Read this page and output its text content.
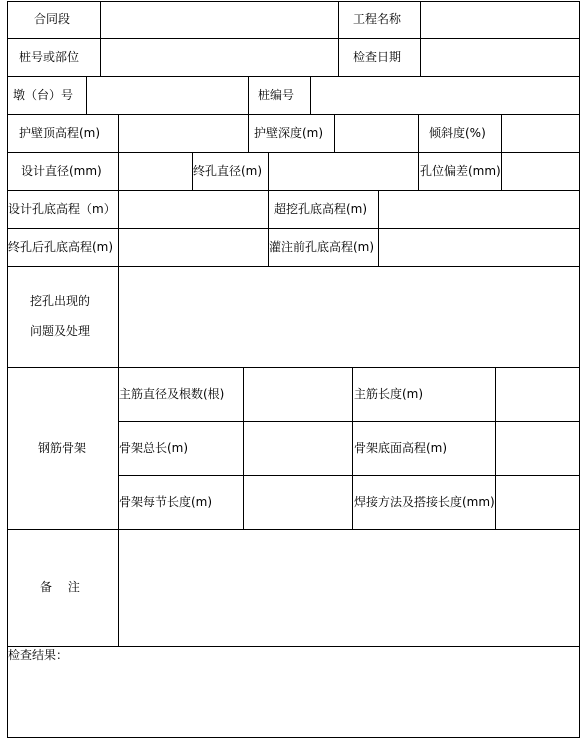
合同段	工程名称
桩号或部位	检查日期
墩（台）号	桩编号
护壁顶高程(m)	护壁深度(m)	倾斜度(%)
设计直径(mm)	终孔直径(m)	孔位偏差(mm)
设计孔底高程（m）	超挖孔底高程(m)
终孔后孔底高程(m)	灌注前孔底高程(m)
挖孔出现的
问题及处理
钢筋骨架
主筋直径及根数(根)	主筋长度(m)
骨架总长(m)	骨架底面高程(m)
骨架每节长度(m)	焊接方法及搭接长度(mm)
备　 注
检查结果：
